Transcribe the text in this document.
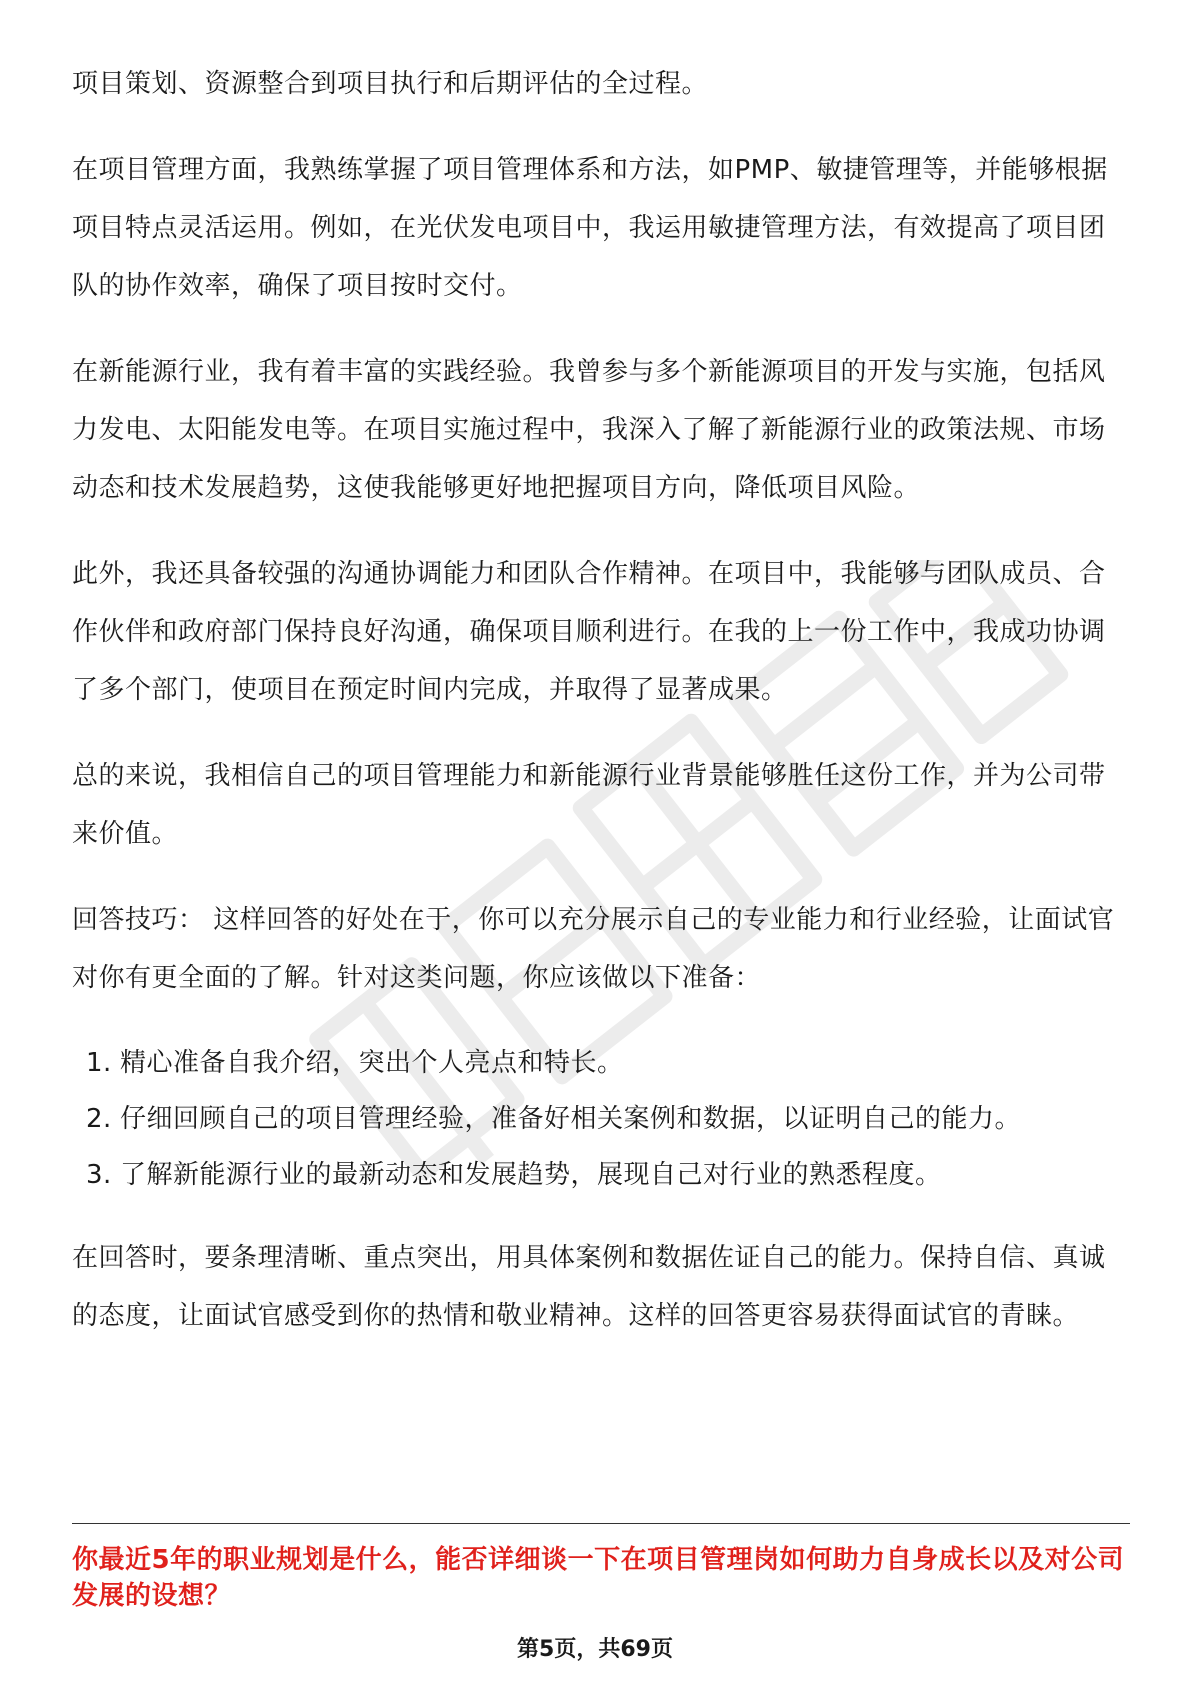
项目策划、资源整合到项目执行和后期评估的全过程。

在项目管理方面，我熟练掌握了项目管理体系和方法，如PMP、敏捷管理等，并能够根据项目特点灵活运用。例如，在光伏发电项目中，我运用敏捷管理方法，有效提高了项目团队的协作效率，确保了项目按时交付。

在新能源行业，我有着丰富的实践经验。我曾参与多个新能源项目的开发与实施，包括风力发电、太阳能发电等。在项目实施过程中，我深入了解了新能源行业的政策法规、市场动态和技术发展趋势，这使我能够更好地把握项目方向，降低项目风险。

此外，我还具备较强的沟通协调能力和团队合作精神。在项目中，我能够与团队成员、合作伙伴和政府部门保持良好沟通，确保项目顺利进行。在我的上一份工作中，我成功协调了多个部门，使项目在预定时间内完成，并取得了显著成果。

总的来说，我相信自己的项目管理能力和新能源行业背景能够胜任这份工作，并为公司带来价值。

回答技巧： 这样回答的好处在于，你可以充分展示自己的专业能力和行业经验，让面试官对你有更全面的了解。针对这类问题，你应该做以下准备：

1. 精心准备自我介绍，突出个人亮点和特长。
2. 仔细回顾自己的项目管理经验，准备好相关案例和数据，以证明自己的能力。
3. 了解新能源行业的最新动态和发展趋势，展现自己对行业的熟悉程度。

在回答时，要条理清晰、重点突出，用具体案例和数据佐证自己的能力。保持自信、真诚的态度，让面试官感受到你的热情和敬业精神。这样的回答更容易获得面试官的青睐。

你最近5年的职业规划是什么，能否详细谈一下在项目管理岗如何助力自身成长以及对公司发展的设想？

第5页，共69页
